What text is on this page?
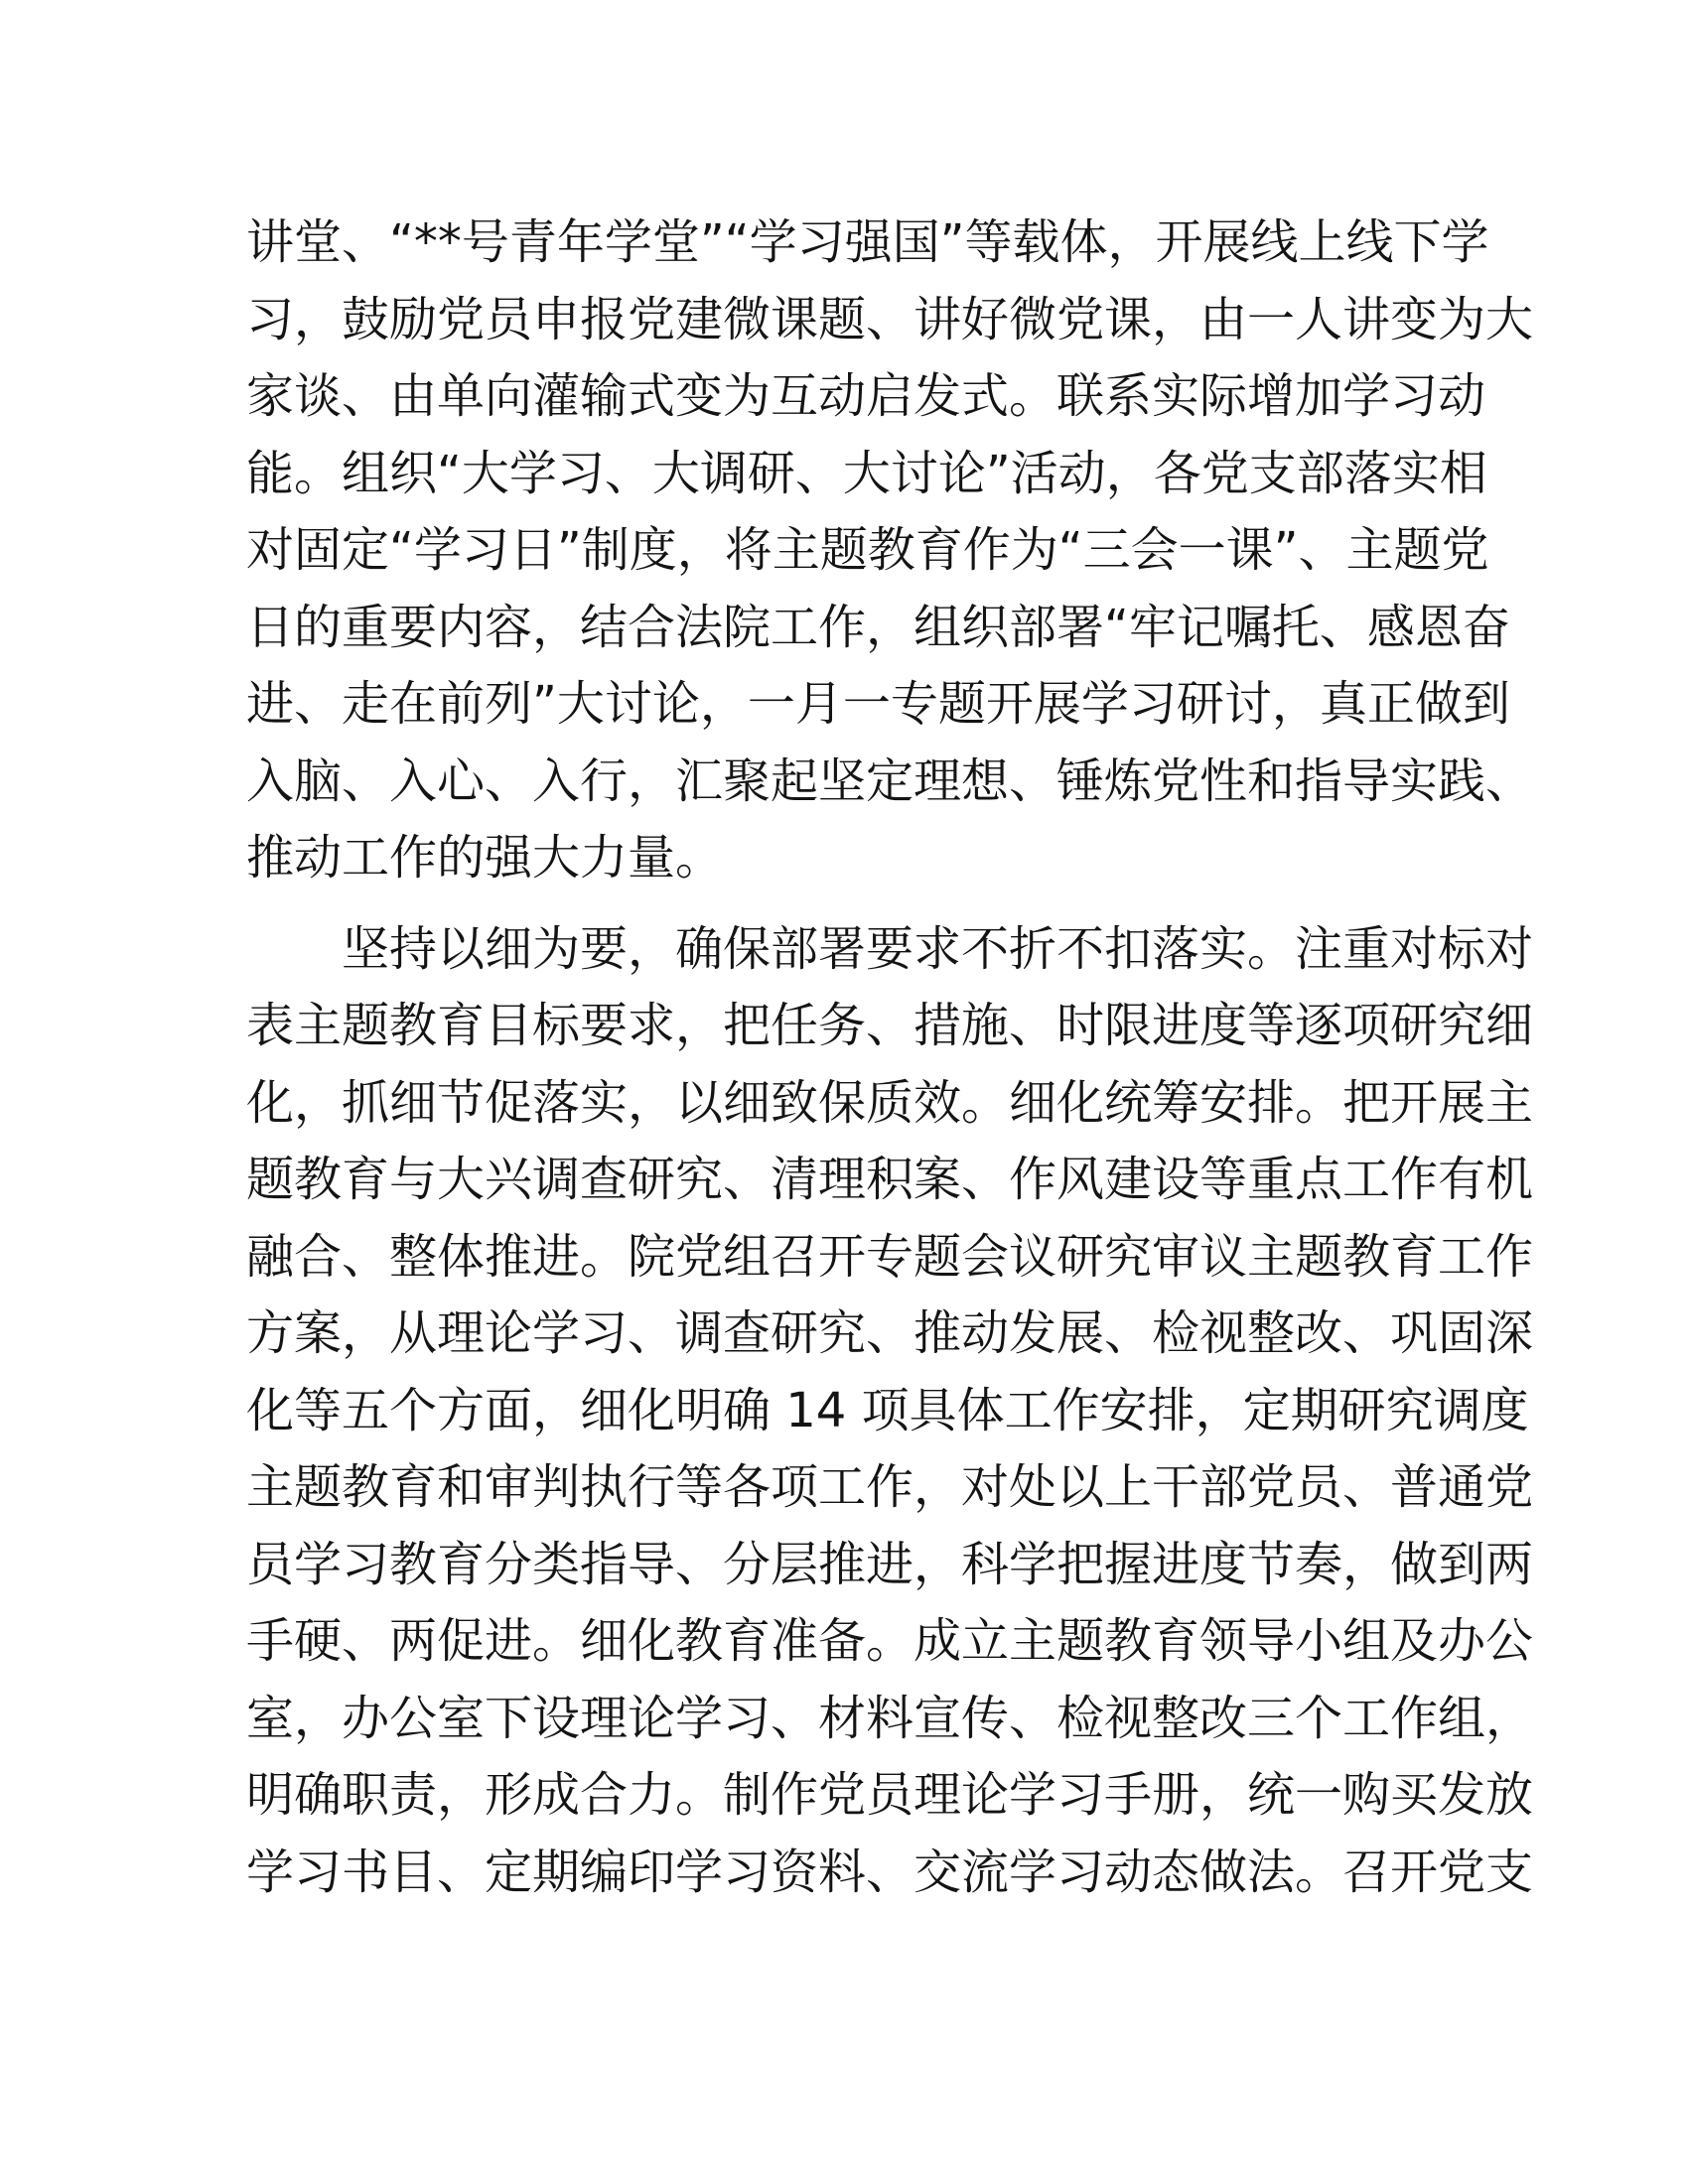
讲堂、“**号青年学堂”“学习强国”等载体，开展线上线下学
习，鼓励党员申报党建微课题、讲好微党课，由一人讲变为大
家谈、由单向灌输式变为互动启发式。联系实际增加学习动
能。组织“大学习、大调研、大讨论”活动，各党支部落实相
对固定“学习日”制度，将主题教育作为“三会一课”、主题党
日的重要内容，结合法院工作，组织部署“牢记嘱托、感恩奋
进、走在前列”大讨论，一月一专题开展学习研讨，真正做到
入脑、入心、入行，汇聚起坚定理想、锤炼党性和指导实践、
推动工作的强大力量。

坚持以细为要，确保部署要求不折不扣落实。注重对标对
表主题教育目标要求，把任务、措施、时限进度等逐项研究细
化，抓细节促落实，以细致保质效。细化统筹安排。把开展主
题教育与大兴调查研究、清理积案、作风建设等重点工作有机
融合、整体推进。院党组召开专题会议研究审议主题教育工作
方案，从理论学习、调查研究、推动发展、检视整改、巩固深
化等五个方面，细化明确 14 项具体工作安排，定期研究调度
主题教育和审判执行等各项工作，对处以上干部党员、普通党
员学习教育分类指导、分层推进，科学把握进度节奏，做到两
手硬、两促进。细化教育准备。成立主题教育领导小组及办公
室，办公室下设理论学习、材料宣传、检视整改三个工作组，
明确职责，形成合力。制作党员理论学习手册，统一购买发放
学习书目、定期编印学习资料、交流学习动态做法。召开党支
